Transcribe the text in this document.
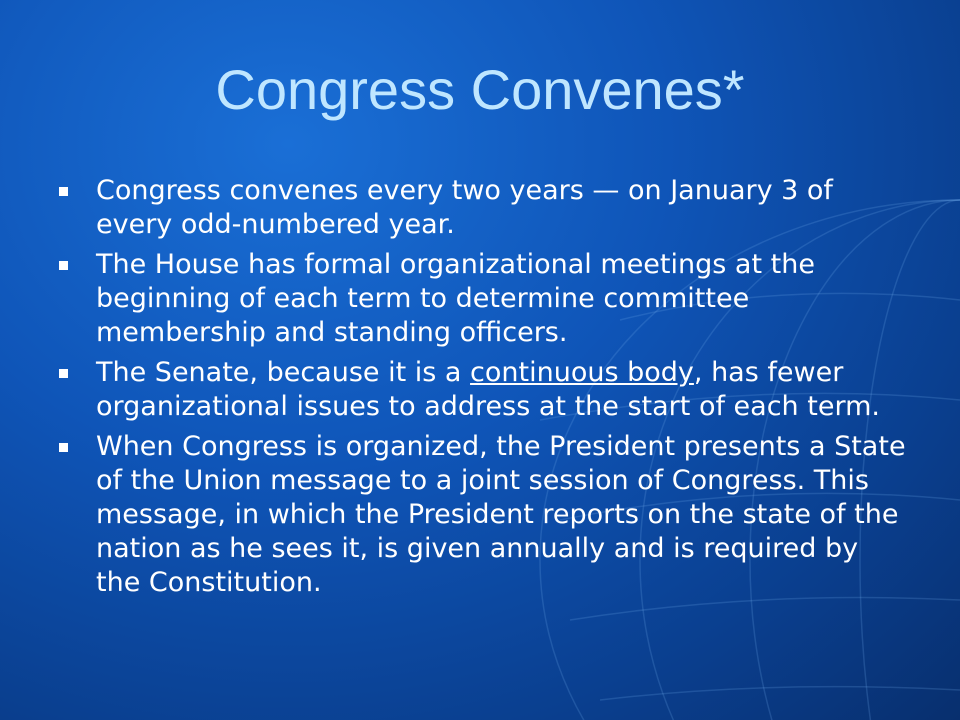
Congress Convenes*
Congress convenes every two years — on January 3 of every odd-numbered year.
The House has formal organizational meetings at the beginning of each term to determine committee membership and standing officers.
The Senate, because it is a continuous body, has fewer organizational issues to address at the start of each term.
When Congress is organized, the President presents a State of the Union message to a joint session of Congress. This message, in which the President reports on the state of the nation as he sees it, is given annually and is required by the Constitution.
